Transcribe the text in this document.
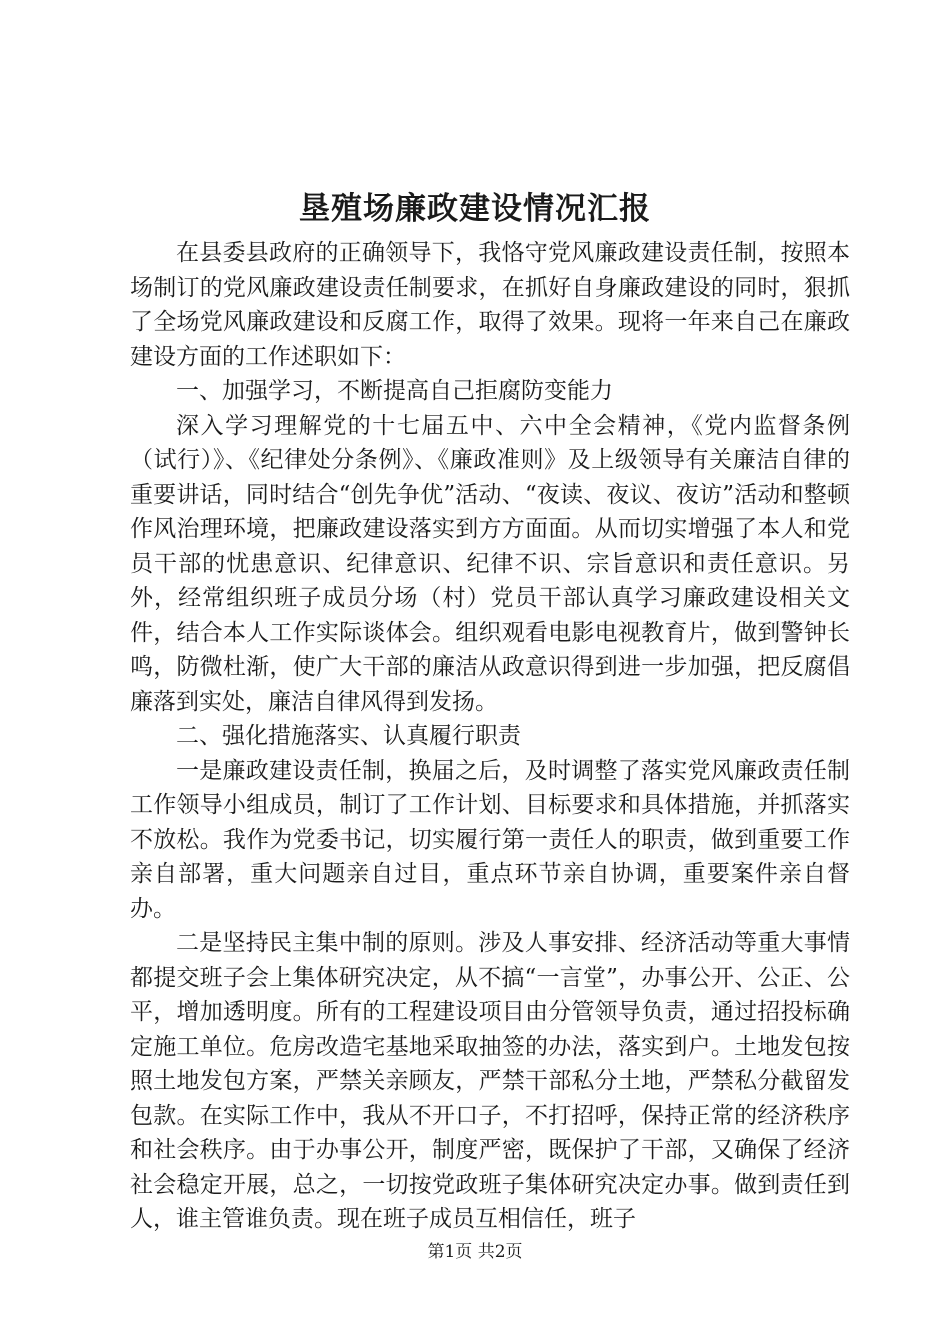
垦殖场廉政建设情况汇报

在县委县政府的正确领导下，我恪守党风廉政建设责任制，按照本场制订的党风廉政建设责任制要求，在抓好自身廉政建设的同时，狠抓了全场党风廉政建设和反腐工作，取得了效果。现将一年来自己在廉政建设方面的工作述职如下：

一、加强学习，不断提高自己拒腐防变能力

深入学习理解党的十七届五中、六中全会精神，《党内监督条例（试行）》、《纪律处分条例》、《廉政准则》及上级领导有关廉洁自律的重要讲话，同时结合“创先争优”活动、“夜读、夜议、夜访”活动和整顿作风治理环境，把廉政建设落实到方方面面。从而切实增强了本人和党员干部的忧患意识、纪律意识、纪律不识、宗旨意识和责任意识。另外，经常组织班子成员分场（村）党员干部认真学习廉政建设相关文件，结合本人工作实际谈体会。组织观看电影电视教育片，做到警钟长鸣，防微杜渐，使广大干部的廉洁从政意识得到进一步加强，把反腐倡廉落到实处，廉洁自律风得到发扬。

二、强化措施落实、认真履行职责

一是廉政建设责任制，换届之后，及时调整了落实党风廉政责任制工作领导小组成员，制订了工作计划、目标要求和具体措施，并抓落实不放松。我作为党委书记，切实履行第一责任人的职责，做到重要工作亲自部署，重大问题亲自过目，重点环节亲自协调，重要案件亲自督办。

二是坚持民主集中制的原则。涉及人事安排、经济活动等重大事情都提交班子会上集体研究决定，从不搞“一言堂”，办事公开、公正、公平，增加透明度。所有的工程建设项目由分管领导负责，通过招投标确定施工单位。危房改造宅基地采取抽签的办法，落实到户。土地发包按照土地发包方案，严禁关亲顾友，严禁干部私分土地，严禁私分截留发包款。在实际工作中，我从不开口子，不打招呼，保持正常的经济秩序和社会秩序。由于办事公开，制度严密，既保护了干部，又确保了经济社会稳定开展，总之，一切按党政班子集体研究决定办事。做到责任到人，谁主管谁负责。现在班子成员互相信任，班子

第1页 共2页
